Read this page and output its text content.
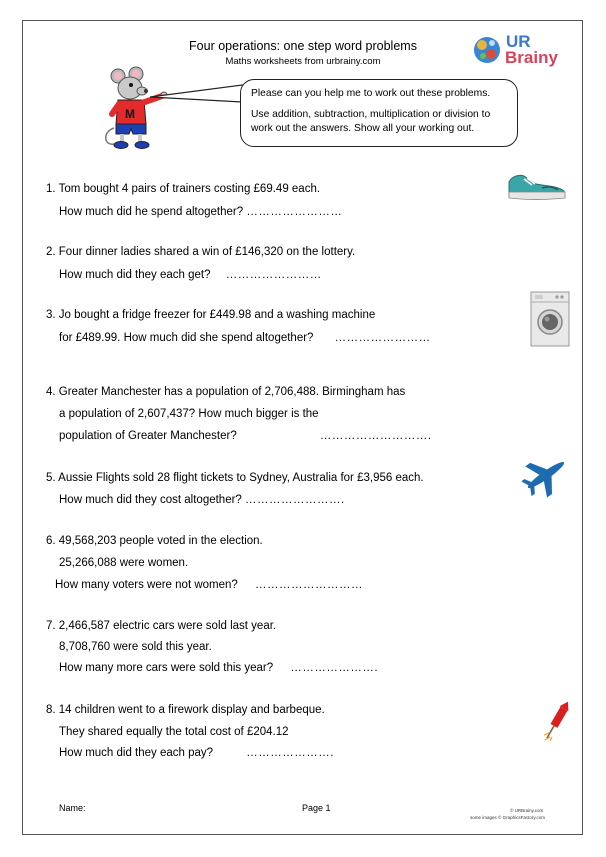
Four operations: one step word problems
Maths worksheets from urbrainy.com
UR
Brainy
M

Please can you help me to work out these problems.

Use addition, subtraction, multiplication or division to work out the answers. Show all your working out.

1. Tom bought 4 pairs of trainers costing £69.49 each.
How much did he spend altogether? ……………………
2. Four dinner ladies shared a win of £146,320 on the lottery.
How much did they each get? ……………………
3. Jo bought a fridge freezer for £449.98 and a washing machine
for £489.99. How much did she spend altogether? ……………………
4. Greater Manchester has a population of 2,706,488. Birmingham has
a population of 2,607,437? How much bigger is the
population of Greater Manchester?	……………………….
5. Aussie Flights sold 28 flight tickets to Sydney, Australia for £3,956 each.
How much did they cost altogether? …………………….
6. 49,568,203 people voted in the election.
25,266,088 were women.
How many voters were not women? ………………………
7. 2,466,587 electric cars were sold last year.
8,708,760 were sold this year.
How many more cars were sold this year? ………………….
8. 14 children went to a firework display and barbeque.
They shared equally the total cost of £204.12
How much did they each pay?	………………….
Name:	Page 1	© URBrainy.com
some images © GraphicsFactory.com
